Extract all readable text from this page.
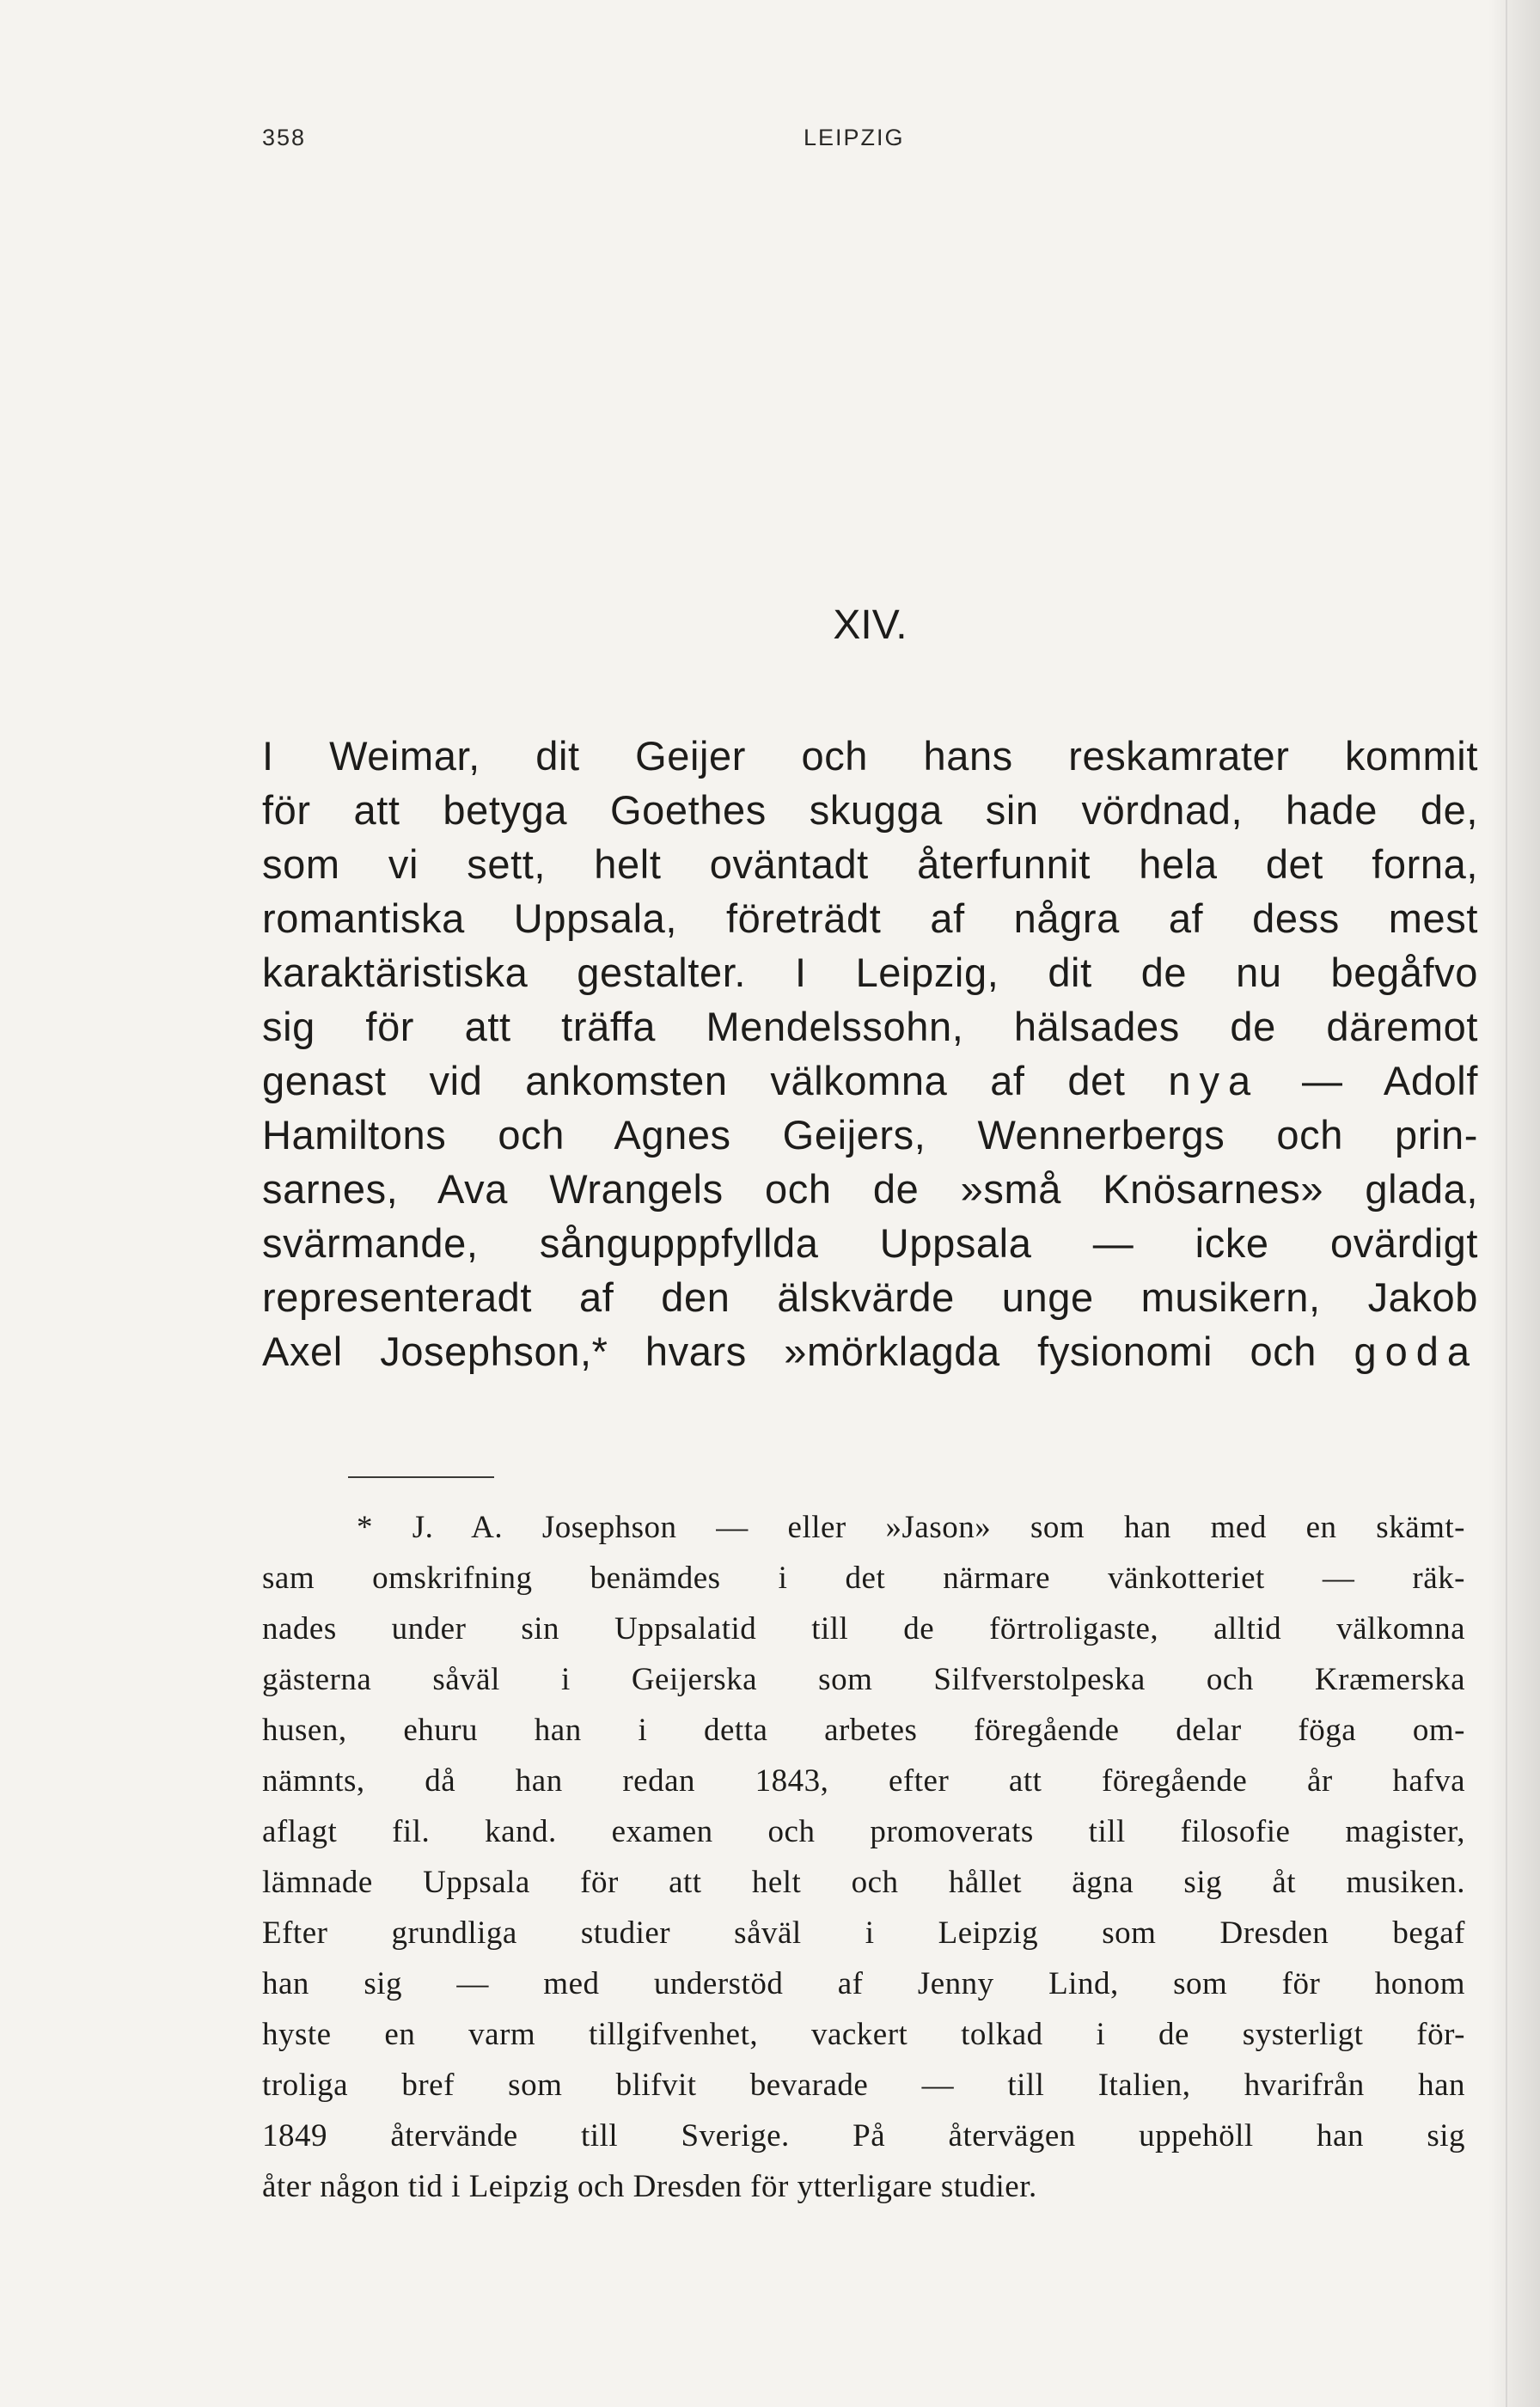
358	LEIPZIG
XIV.
I Weimar, dit Geijer och hans reskamrater kommit
för att betyga Goethes skugga sin vördnad, hade de,
som vi sett, helt oväntadt återfunnit hela det forna,
romantiska Uppsala, företrädt af några af dess mest
karaktäristiska gestalter. I Leipzig, dit de nu begåfvo
sig för att träffa Mendelssohn, hälsades de däremot
genast vid ankomsten välkomna af det nya — Adolf
Hamiltons och Agnes Geijers, Wennerbergs och prin-
sarnes, Ava Wrangels och de »små Knösarnes» glada,
svärmande, sångupppfyllda Uppsala — icke ovärdigt
representeradt af den älskvärde unge musikern, Jakob
Axel Josephson,* hvars »mörklagda fysionomi och goda
* J. A. Josephson — eller »Jason» som han med en skämt-
sam omskrifning benämdes i det närmare vänkotteriet — räk-
nades under sin Uppsalatid till de förtroligaste, alltid välkomna
gästerna såväl i Geijerska som Silfverstolpeska och Kræmerska
husen, ehuru han i detta arbetes föregående delar föga om-
nämnts, då han redan 1843, efter att föregående år hafva
aflagt fil. kand. examen och promoverats till filosofie magister,
lämnade Uppsala för att helt och hållet ägna sig åt musiken.
Efter grundliga studier såväl i Leipzig som Dresden begaf
han sig — med understöd af Jenny Lind, som för honom
hyste en varm tillgifvenhet, vackert tolkad i de systerligt för-
troliga bref som blifvit bevarade — till Italien, hvarifrån han
1849 återvände till Sverige. På återvägen uppehöll han sig
åter någon tid i Leipzig och Dresden för ytterligare studier.
